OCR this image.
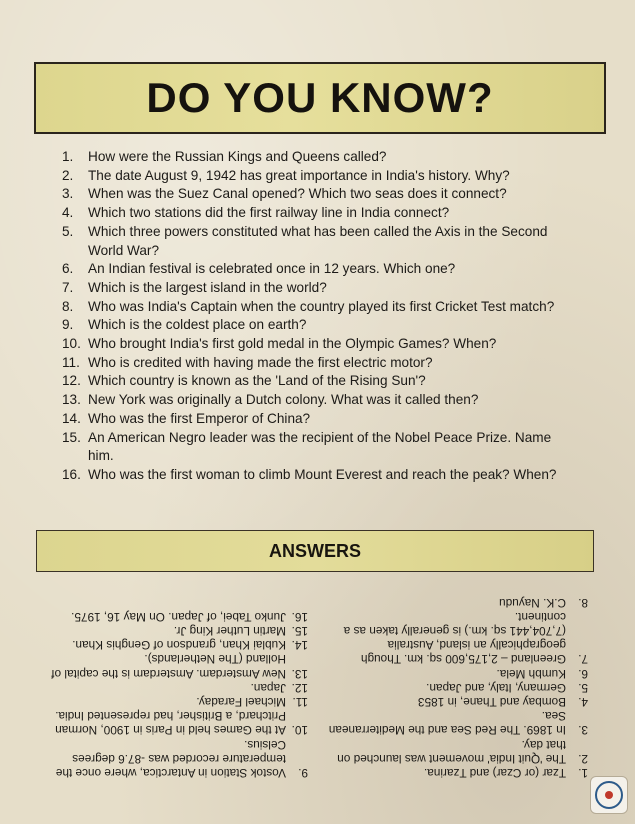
DO YOU KNOW?
1.	How were the Russian Kings and Queens called?
2.	The date August 9, 1942 has great importance in India's history. Why?
3.	When was the Suez Canal opened? Which two seas does it connect?
4.	Which two stations did the first railway line in India connect?
5.	Which three powers constituted what has been called the Axis in the Second World War?
6.	An Indian festival is celebrated once in 12 years. Which one?
7.	Which is the largest island in the world?
8.	Who was India's Captain when the country played its first Cricket Test match?
9.	Which is the coldest place on earth?
10. Who brought India's first gold medal in the Olympic Games? When?
11. Who is credited with having made the first electric motor?
12. Which country is known as the 'Land of the Rising Sun'?
13. New York was originally a Dutch colony. What was it called then?
14. Who was the first Emperor of China?
15. An American Negro leader was the recipient of the Nobel Peace Prize. Name him.
16. Who was the first woman to climb Mount Everest and reach the peak? When?
ANSWERS
1.
Tzar (or Czar) and Tzarina.
2.
The 'Quit India' movement was launched on that day.
3.
In 1869. The Red Sea and the Mediterranean Sea.
4.
Bombay and Thane, in 1853
5.
Germany, Italy, and Japan.
6.
Kumbh Mela.
7.
Greenland – 2,175,600 sq. km. Though geographically an island, Australia (7,704,441 sq. km.) is generally taken as a continent.
8.
C.K. Nayudu
9.
Vostok Station in Antarctica, where once the temperature recorded was -87.6 degrees Celsius.
10.
At the Games held in Paris in 1900, Norman Pritchard, a Britisher, had represented India.
11.
Michael Faraday.
12.
Japan.
13.
New Amsterdam. Amsterdam is the capital of Holland (The Netherlands).
14.
Kublai Khan, grandson of Genghis Khan.
15.
Martin Luther King Jr.
16.
Junko Tabei, of Japan. On May 16, 1975.
